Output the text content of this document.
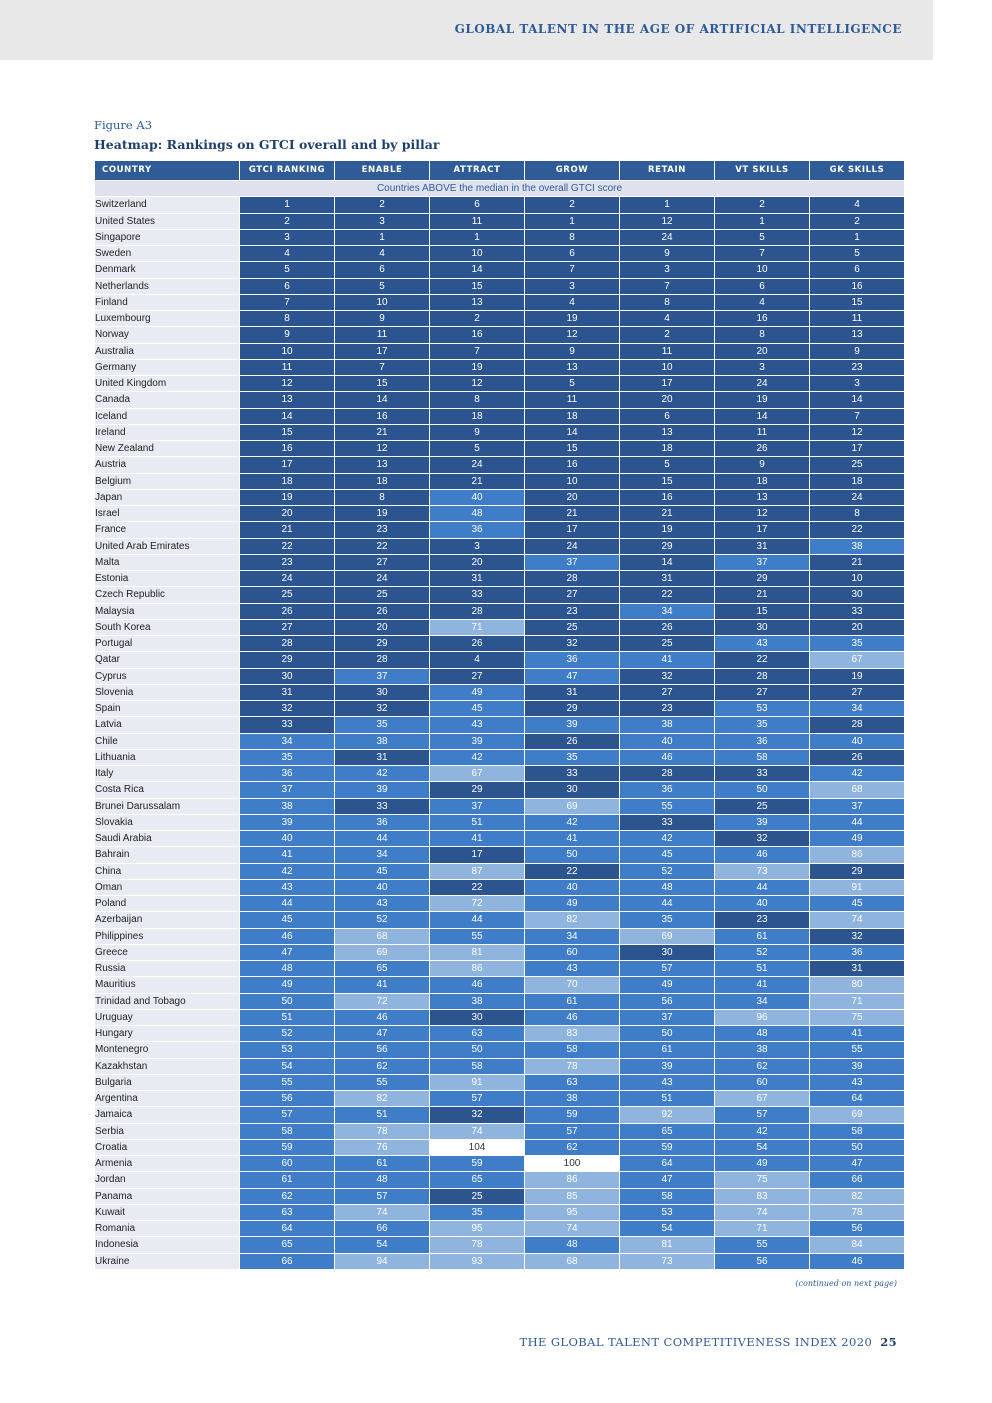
GLOBAL TALENT IN THE AGE OF ARTIFICIAL INTELLIGENCE
Figure A3
Heatmap: Rankings on GTCI overall and by pillar
COUNTRY	GTCI RANKING	ENABLE	ATTRACT	GROW	RETAIN	VT SKILLS	GK SKILLS
Countries ABOVE the median in the overall GTCI score							
Switzerland	1	2	6	2	1	2	4
United States	2	3	11	1	12	1	2
Singapore	3	1	1	8	24	5	1
Sweden	4	4	10	6	9	7	5
Denmark	5	6	14	7	3	10	6
Netherlands	6	5	15	3	7	6	16
Finland	7	10	13	4	8	4	15
Luxembourg	8	9	2	19	4	16	11
Norway	9	11	16	12	2	8	13
Australia	10	17	7	9	11	20	9
Germany	11	7	19	13	10	3	23
United Kingdom	12	15	12	5	17	24	3
Canada	13	14	8	11	20	19	14
Iceland	14	16	18	18	6	14	7
Ireland	15	21	9	14	13	11	12
New Zealand	16	12	5	15	18	26	17
Austria	17	13	24	16	5	9	25
Belgium	18	18	21	10	15	18	18
Japan	19	8	40	20	16	13	24
Israel	20	19	48	21	21	12	8
France	21	23	36	17	19	17	22
United Arab Emirates	22	22	3	24	29	31	38
Malta	23	27	20	37	14	37	21
Estonia	24	24	31	28	31	29	10
Czech Republic	25	25	33	27	22	21	30
Malaysia	26	26	28	23	34	15	33
South Korea	27	20	71	25	26	30	20
Portugal	28	29	26	32	25	43	35
Qatar	29	28	4	36	41	22	67
Cyprus	30	37	27	47	32	28	19
Slovenia	31	30	49	31	27	27	27
Spain	32	32	45	29	23	53	34
Latvia	33	35	43	39	38	35	28
Chile	34	38	39	26	40	36	40
Lithuania	35	31	42	35	46	58	26
Italy	36	42	67	33	28	33	42
Costa Rica	37	39	29	30	36	50	68
Brunei Darussalam	38	33	37	69	55	25	37
Slovakia	39	36	51	42	33	39	44
Saudi Arabia	40	44	41	41	42	32	49
Bahrain	41	34	17	50	45	46	86
China	42	45	87	22	52	73	29
Oman	43	40	22	40	48	44	91
Poland	44	43	72	49	44	40	45
Azerbaijan	45	52	44	82	35	23	74
Philippines	46	68	55	34	69	61	32
Greece	47	69	81	60	30	52	36
Russia	48	65	86	43	57	51	31
Mauritius	49	41	46	70	49	41	80
Trinidad and Tobago	50	72	38	61	56	34	71
Uruguay	51	46	30	46	37	96	75
Hungary	52	47	63	83	50	48	41
Montenegro	53	56	50	58	61	38	55
Kazakhstan	54	62	58	78	39	62	39
Bulgaria	55	55	91	63	43	60	43
Argentina	56	82	57	38	51	67	64
Jamaica	57	51	32	59	92	57	69
Serbia	58	78	74	57	65	42	58
Croatia	59	76	104	62	59	54	50
Armenia	60	61	59	100	64	49	47
Jordan	61	48	65	86	47	75	66
Panama	62	57	25	85	58	83	82
Kuwait	63	74	35	95	53	74	78
Romania	64	66	95	74	54	71	56
Indonesia	65	54	78	48	81	55	84
Ukraine	66	94	93	68	73	56	46
(continued on next page)
THE GLOBAL TALENT COMPETITIVENESS INDEX 2020 25
